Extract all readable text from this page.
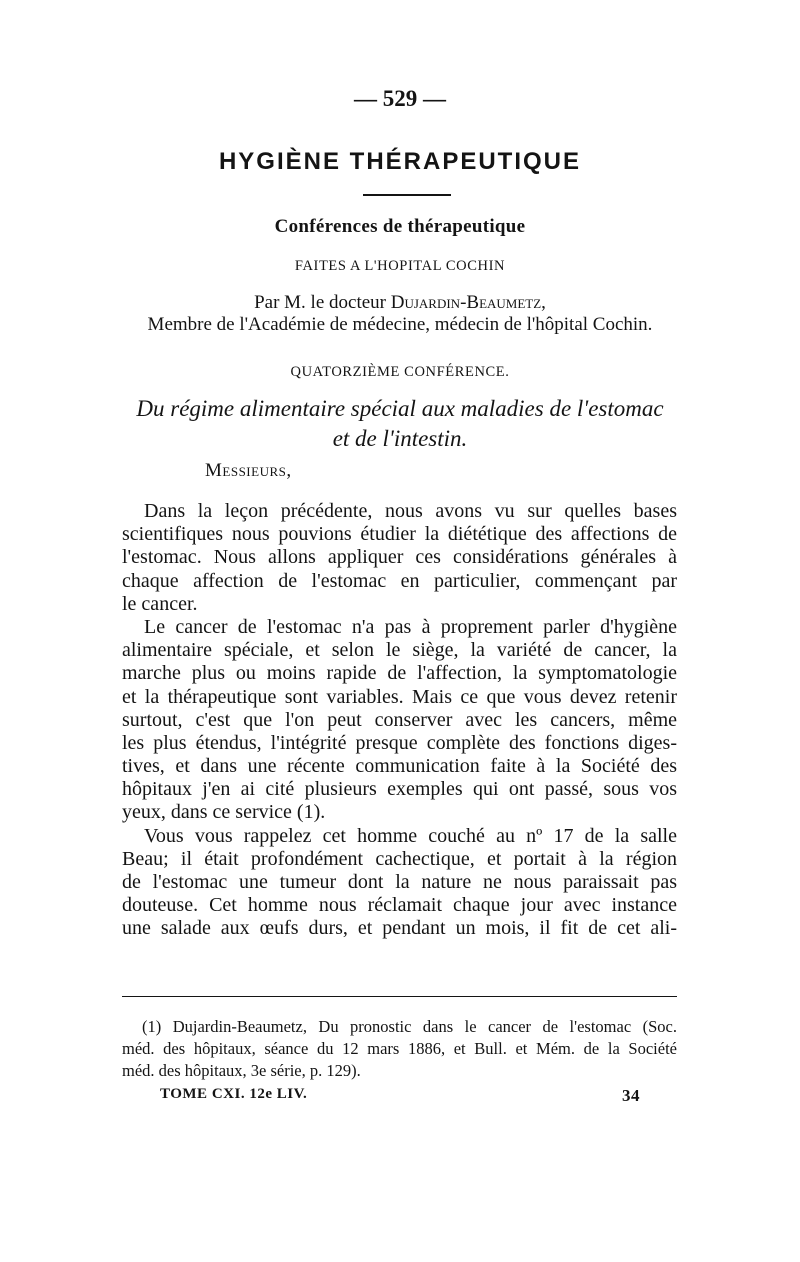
— 529 —
HYGIÈNE THÉRAPEUTIQUE
Conférences de thérapeutique
FAITES A L'HOPITAL COCHIN
Par M. le docteur Dujardin-Beaumetz,
Membre de l'Académie de médecine, médecin de l'hôpital Cochin.
QUATORZIÈME CONFÉRENCE.
Du régime alimentaire spécial aux maladies de l'estomac
et de l'intestin.
Messieurs,
Dans la leçon précédente, nous avons vu sur quelles bases
scientifiques nous pouvions étudier la diététique des affections de
l'estomac. Nous allons appliquer ces considérations générales à
chaque affection de l'estomac en particulier, commençant par
le cancer.
Le cancer de l'estomac n'a pas à proprement parler d'hygiène
alimentaire spéciale, et selon le siège, la variété de cancer, la
marche plus ou moins rapide de l'affection, la symptomatologie
et la thérapeutique sont variables. Mais ce que vous devez retenir
surtout, c'est que l'on peut conserver avec les cancers, même
les plus étendus, l'intégrité presque complète des fonctions diges-
tives, et dans une récente communication faite à la Société des
hôpitaux j'en ai cité plusieurs exemples qui ont passé, sous vos
yeux, dans ce service (1).
Vous vous rappelez cet homme couché au nº 17 de la salle
Beau; il était profondément cachectique, et portait à la région
de l'estomac une tumeur dont la nature ne nous paraissait pas
douteuse. Cet homme nous réclamait chaque jour avec instance
une salade aux œufs durs, et pendant un mois, il fit de cet ali-
(1) Dujardin-Beaumetz, Du pronostic dans le cancer de l'estomac (Soc.
méd. des hôpitaux, séance du 12 mars 1886, et Bull. et Mém. de la Société
méd. des hôpitaux, 3e série, p. 129).
TOME CXI. 12e LIV.	34
